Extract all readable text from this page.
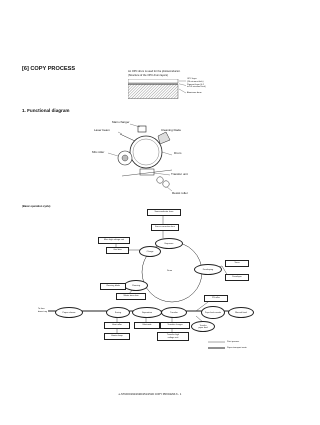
[6] COPY PROCESS	An OPC drum is used for the photoconductor.
(Structure of the OPC drum layers)
OPC layer
(20 microns thick)
Pigment layer (0.2
to 0.3 microns thick)
Aluminum drum
1. Functional diagram
Main charger
Laser beam	Cleaning blade
MG roller	Drum
Transfer unit
Resist roller
(Basic operation cycle)
Semiconductor laser
Focus correction lens
Exposure
Main high voltage unit
Grid bias
Charge
Drum
Developing
Toner
Developer
Cleaning
Cleaning blade
Waste toner box
PS roller
Paper release	Fusing	Separation	Transfer	Paper feed cassette	Manual feed
To face
down tray
Heat roller
Heater lamp
Electrode	Transfer charger	Transfer
paper feed
Transfer high
voltage unit
Print process
Paper transport route
e-STUDIO162/162D/151/151D COPY PROCESS 6 - 1
